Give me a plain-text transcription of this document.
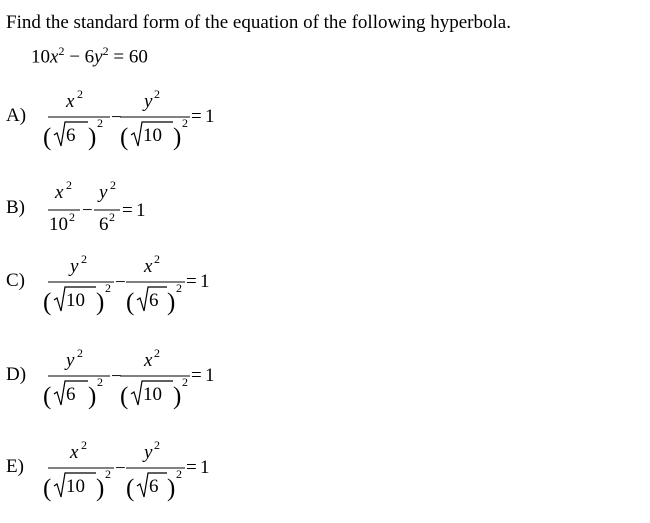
Find the standard form of the equation of the following hyperbola.
$10x^2 - 6y^2 = 60$
A)
x 2
( 6 )
2 −
y 2
( 10 )
2 = 1
B)
x 2
10 2 −
y 2
6 2 = 1
C)
y 2
( 10 )
2 −
x 2
( 6 )
2 = 1
D)
y 2
( 6 )
2 −
x 2
( 10 )
2 = 1
E)
x 2
( 10 )
2 −
y 2
( 6 )
2 = 1
